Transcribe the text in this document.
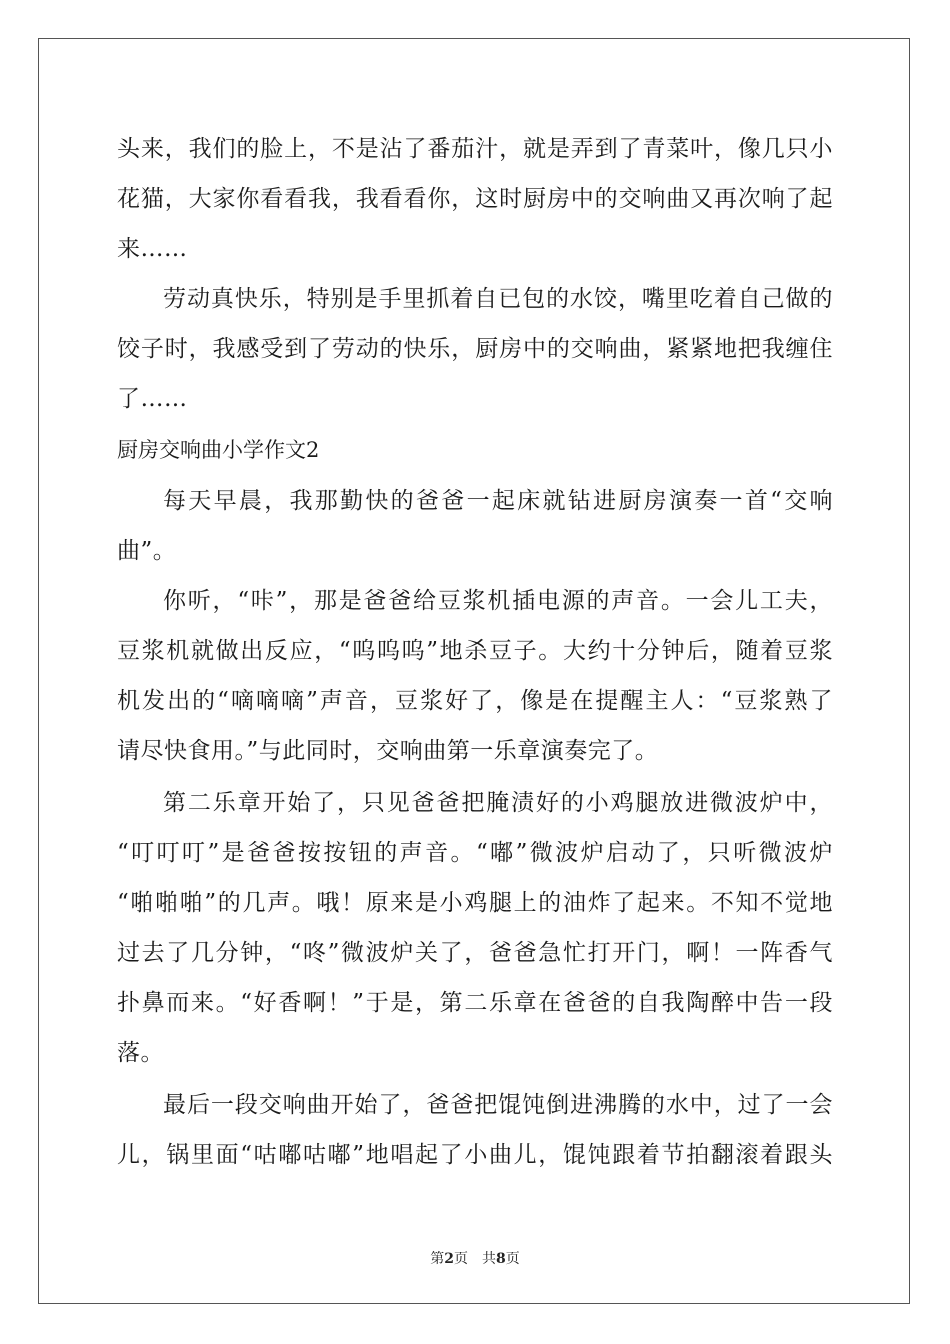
头来，我们的脸上，不是沾了番茄汁，就是弄到了青菜叶，像几只小
花猫，大家你看看我，我看看你，这时厨房中的交响曲又再次响了起
来……
劳动真快乐，特别是手里抓着自已包的水饺，嘴里吃着自己做的
饺子时，我感受到了劳动的快乐，厨房中的交响曲，紧紧地把我缠住
了……
厨房交响曲小学作文2
每天早晨，我那勤快的爸爸一起床就钻进厨房演奏一首“交响
曲”。
你听，“咔”，那是爸爸给豆浆机插电源的声音。一会儿工夫，
豆浆机就做出反应，“呜呜呜”地杀豆子。大约十分钟后，随着豆浆
机发出的“嘀嘀嘀”声音，豆浆好了，像是在提醒主人：“豆浆熟了
请尽快食用。”与此同时，交响曲第一乐章演奏完了。
第二乐章开始了，只见爸爸把腌渍好的小鸡腿放进微波炉中，
“叮叮叮”是爸爸按按钮的声音。“嘟”微波炉启动了，只听微波炉
“啪啪啪”的几声。哦！原来是小鸡腿上的油炸了起来。不知不觉地
过去了几分钟，“咚”微波炉关了，爸爸急忙打开门，啊！一阵香气
扑鼻而来。“好香啊！”于是，第二乐章在爸爸的自我陶醉中告一段
落。
最后一段交响曲开始了，爸爸把馄饨倒进沸腾的水中，过了一会
儿，锅里面“咕嘟咕嘟”地唱起了小曲儿，馄饨跟着节拍翻滚着跟头
第2页　共8页
